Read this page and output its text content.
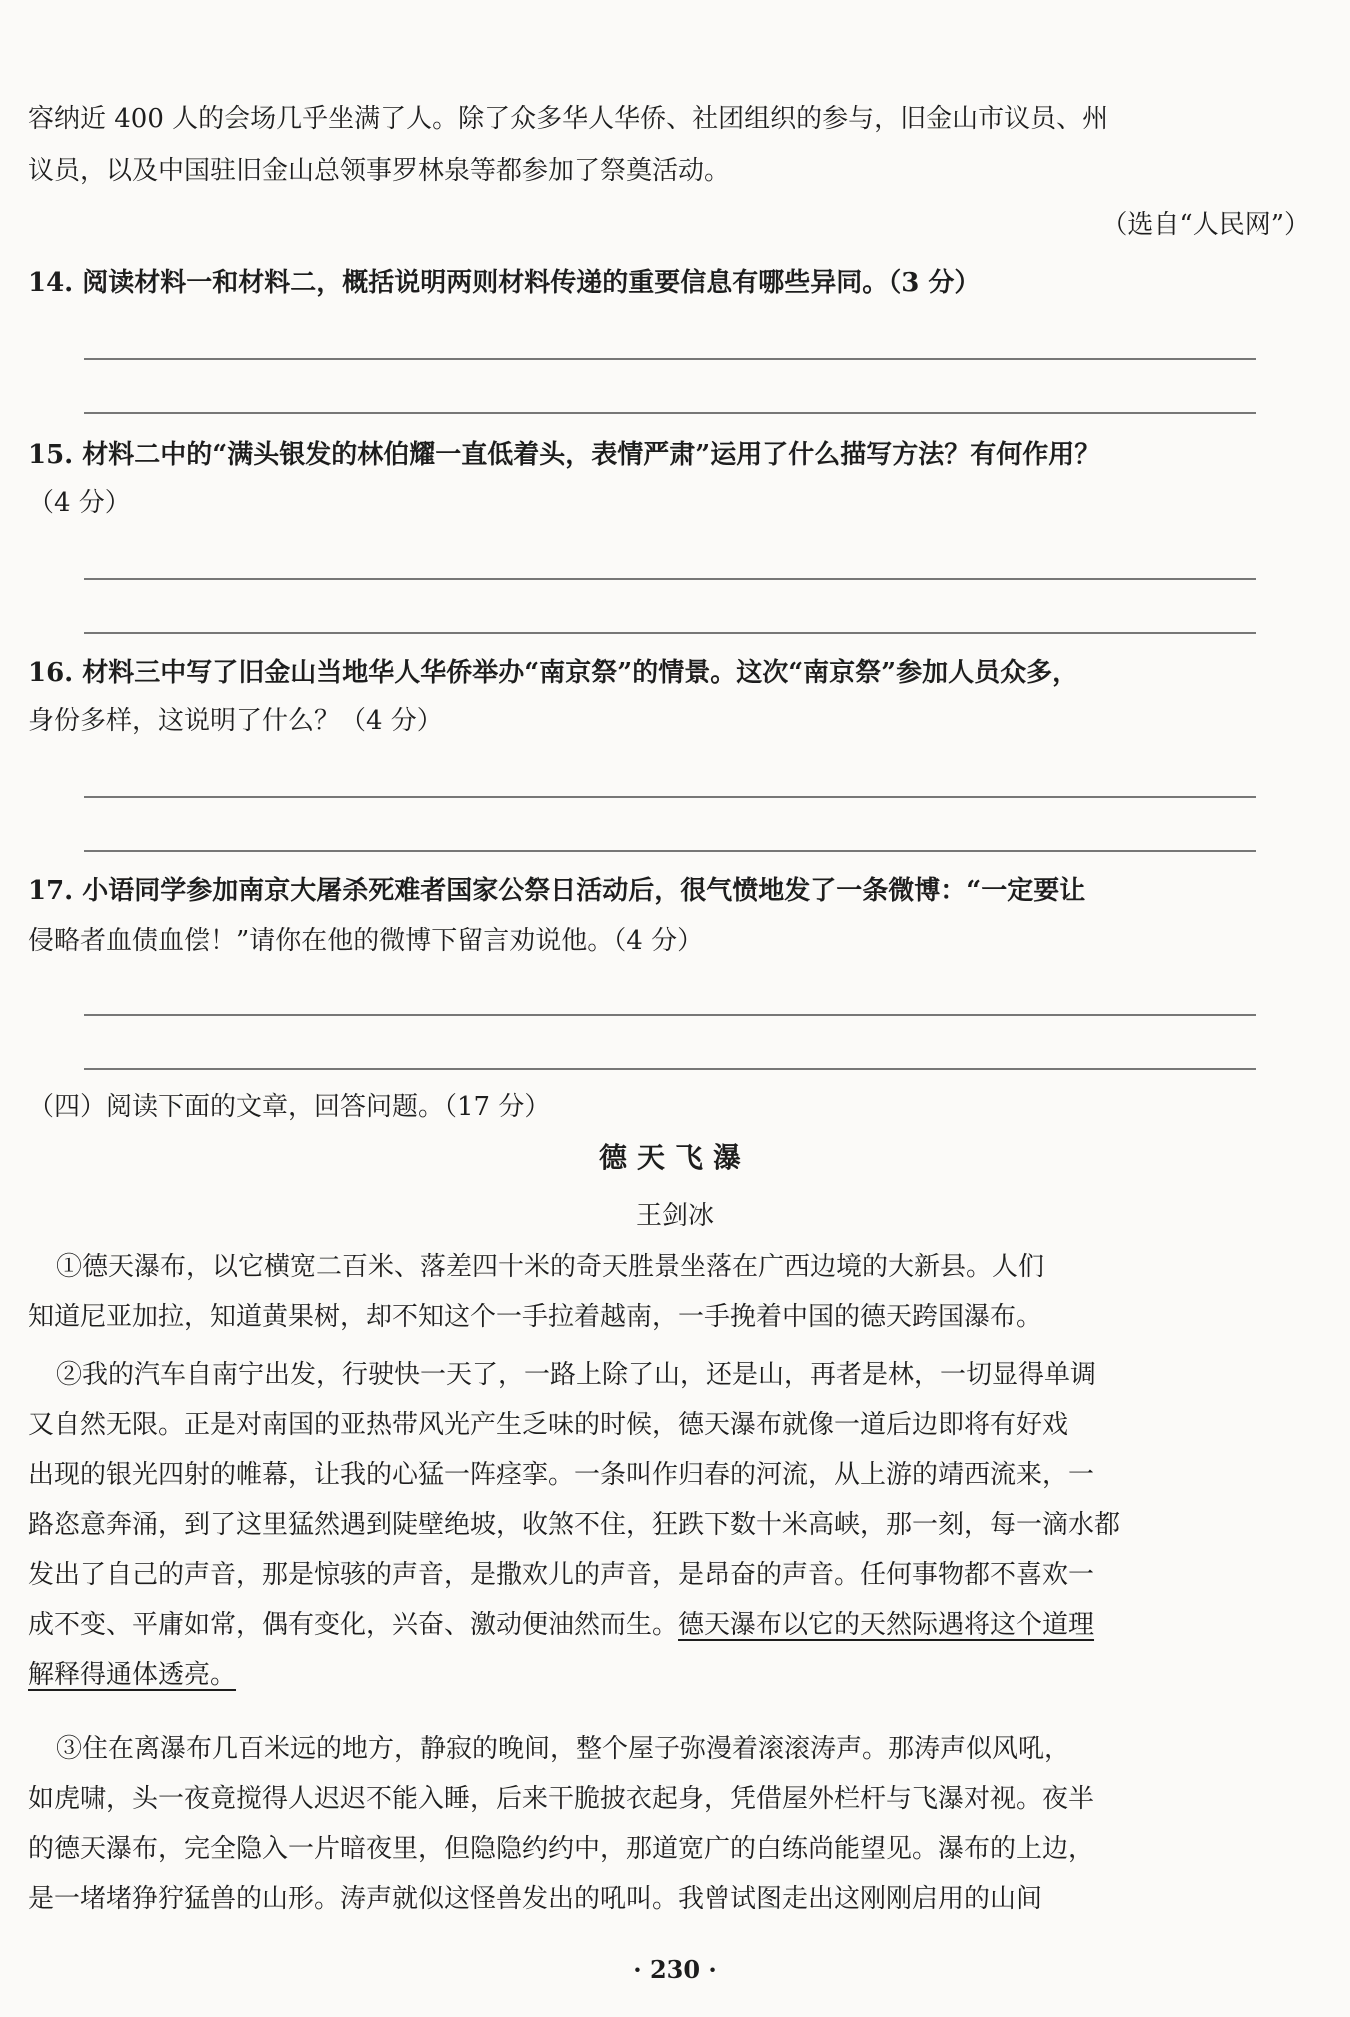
容纳近 400 人的会场几乎坐满了人。除了众多华人华侨、社团组织的参与，旧金山市议员、州
议员，以及中国驻旧金山总领事罗林泉等都参加了祭奠活动。
（选自“人民网”）
14. 阅读材料一和材料二，概括说明两则材料传递的重要信息有哪些异同。（3 分）
15. 材料二中的“满头银发的林伯耀一直低着头，表情严肃”运用了什么描写方法？有何作用？
（4 分）
16. 材料三中写了旧金山当地华人华侨举办“南京祭”的情景。这次“南京祭”参加人员众多，
身份多样，这说明了什么？（4 分）
17. 小语同学参加南京大屠杀死难者国家公祭日活动后，很气愤地发了一条微博：“一定要让
侵略者血债血偿！”请你在他的微博下留言劝说他。（4 分）
（四）阅读下面的文章，回答问题。（17 分）
德天飞瀑
王剑冰
①德天瀑布，以它横宽二百米、落差四十米的奇天胜景坐落在广西边境的大新县。人们
知道尼亚加拉，知道黄果树，却不知这个一手拉着越南，一手挽着中国的德天跨国瀑布。
②我的汽车自南宁出发，行驶快一天了，一路上除了山，还是山，再者是林，一切显得单调
又自然无限。正是对南国的亚热带风光产生乏味的时候，德天瀑布就像一道后边即将有好戏
出现的银光四射的帷幕，让我的心猛一阵痉挛。一条叫作归春的河流，从上游的靖西流来，一
路恣意奔涌，到了这里猛然遇到陡壁绝坡，收煞不住，狂跌下数十米高峡，那一刻，每一滴水都
发出了自己的声音，那是惊骇的声音，是撒欢儿的声音，是昂奋的声音。任何事物都不喜欢一
成不变、平庸如常，偶有变化，兴奋、激动便油然而生。德天瀑布以它的天然际遇将这个道理
解释得通体透亮。
③住在离瀑布几百米远的地方，静寂的晚间，整个屋子弥漫着滚滚涛声。那涛声似风吼，
如虎啸，头一夜竟搅得人迟迟不能入睡，后来干脆披衣起身，凭借屋外栏杆与飞瀑对视。夜半
的德天瀑布，完全隐入一片暗夜里，但隐隐约约中，那道宽广的白练尚能望见。瀑布的上边，
是一堵堵狰狞猛兽的山形。涛声就似这怪兽发出的吼叫。我曾试图走出这刚刚启用的山间
· 230 ·
